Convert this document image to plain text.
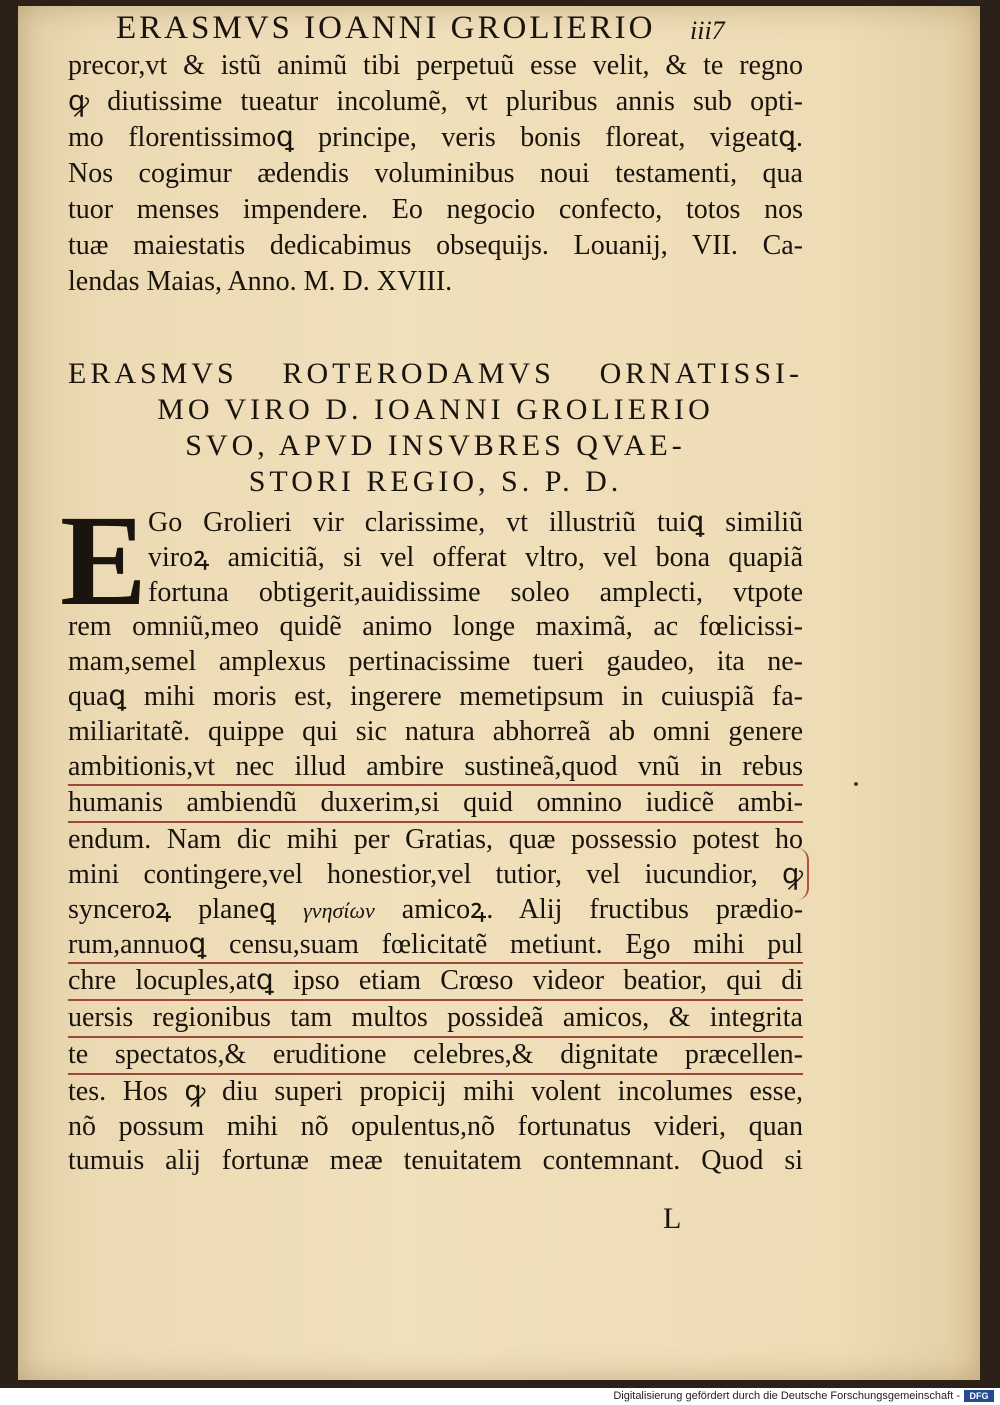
ERASMVS IOANNI GROLIERIO iii7
precor,vt & istũ animũ tibi perpetuũ esse velit, & te regno
ꝙ diutissime tueatur incolumẽ, vt pluribus annis sub opti-
mo florentissimoꝗ principe, veris bonis floreat, vigeatꝗ.
Nos cogimur ædendis voluminibus noui testamenti, qua
tuor menses impendere. Eo negocio confecto, totos nos
tuæ maiestatis dedicabimus obsequijs. Louanij, VII. Ca-
lendas Maias, Anno. M. D. XVIII.
ERASMVS ROTERODAMVS ORNATISSI-
MO VIRO D. IOANNI GROLIERIO
SVO, APVD INSVBRES QVAE-
STORI REGIO, S. P. D.
E Go Grolieri vir clarissime, vt illustriũ tuiꝗ similiũ
viroꝝ amicitiã, si vel offerat vltro, vel bona quapiã
fortuna obtigerit,auidissime soleo amplecti, vtpote
rem omniũ,meo quidẽ animo longe maximã, ac fœlicissi-
mam,semel amplexus pertinacissime tueri gaudeo, ita ne-
quaꝗ mihi moris est, ingerere memetipsum in cuiuspiã fa-
miliaritatẽ. quippe qui sic natura abhorreã ab omni genere
ambitionis,vt nec illud ambire sustineã,quod vnũ in rebus
humanis ambiendũ duxerim,si quid omnino iudicẽ ambi-
endum. Nam dic mihi per Gratias, quæ possessio potest ho
mini contingere,vel honestior,vel tutior, vel iucundior, ꝙ
synceroꝝ planeꝗ γνησίων amicoꝝ. Alij fructibus prædio-
rum,annuoꝗ censu,suam fœlicitatẽ metiunt. Ego mihi pul
chre locuples,atꝗ ipso etiam Crœso videor beatior, qui di
uersis regionibus tam multos possideã amicos, & integrita
te spectatos,& eruditione celebres,& dignitate præcellen-
tes. Hos ꝙ diu superi propicij mihi volent incolumes esse,
nõ possum mihi nõ opulentus,nõ fortunatus videri, quan
tumuis alij fortunæ meæ tenuitatem contemnant. Quod si
L
Digitalisierung gefördert durch die Deutsche Forschungsgemeinschaft -	DFG
